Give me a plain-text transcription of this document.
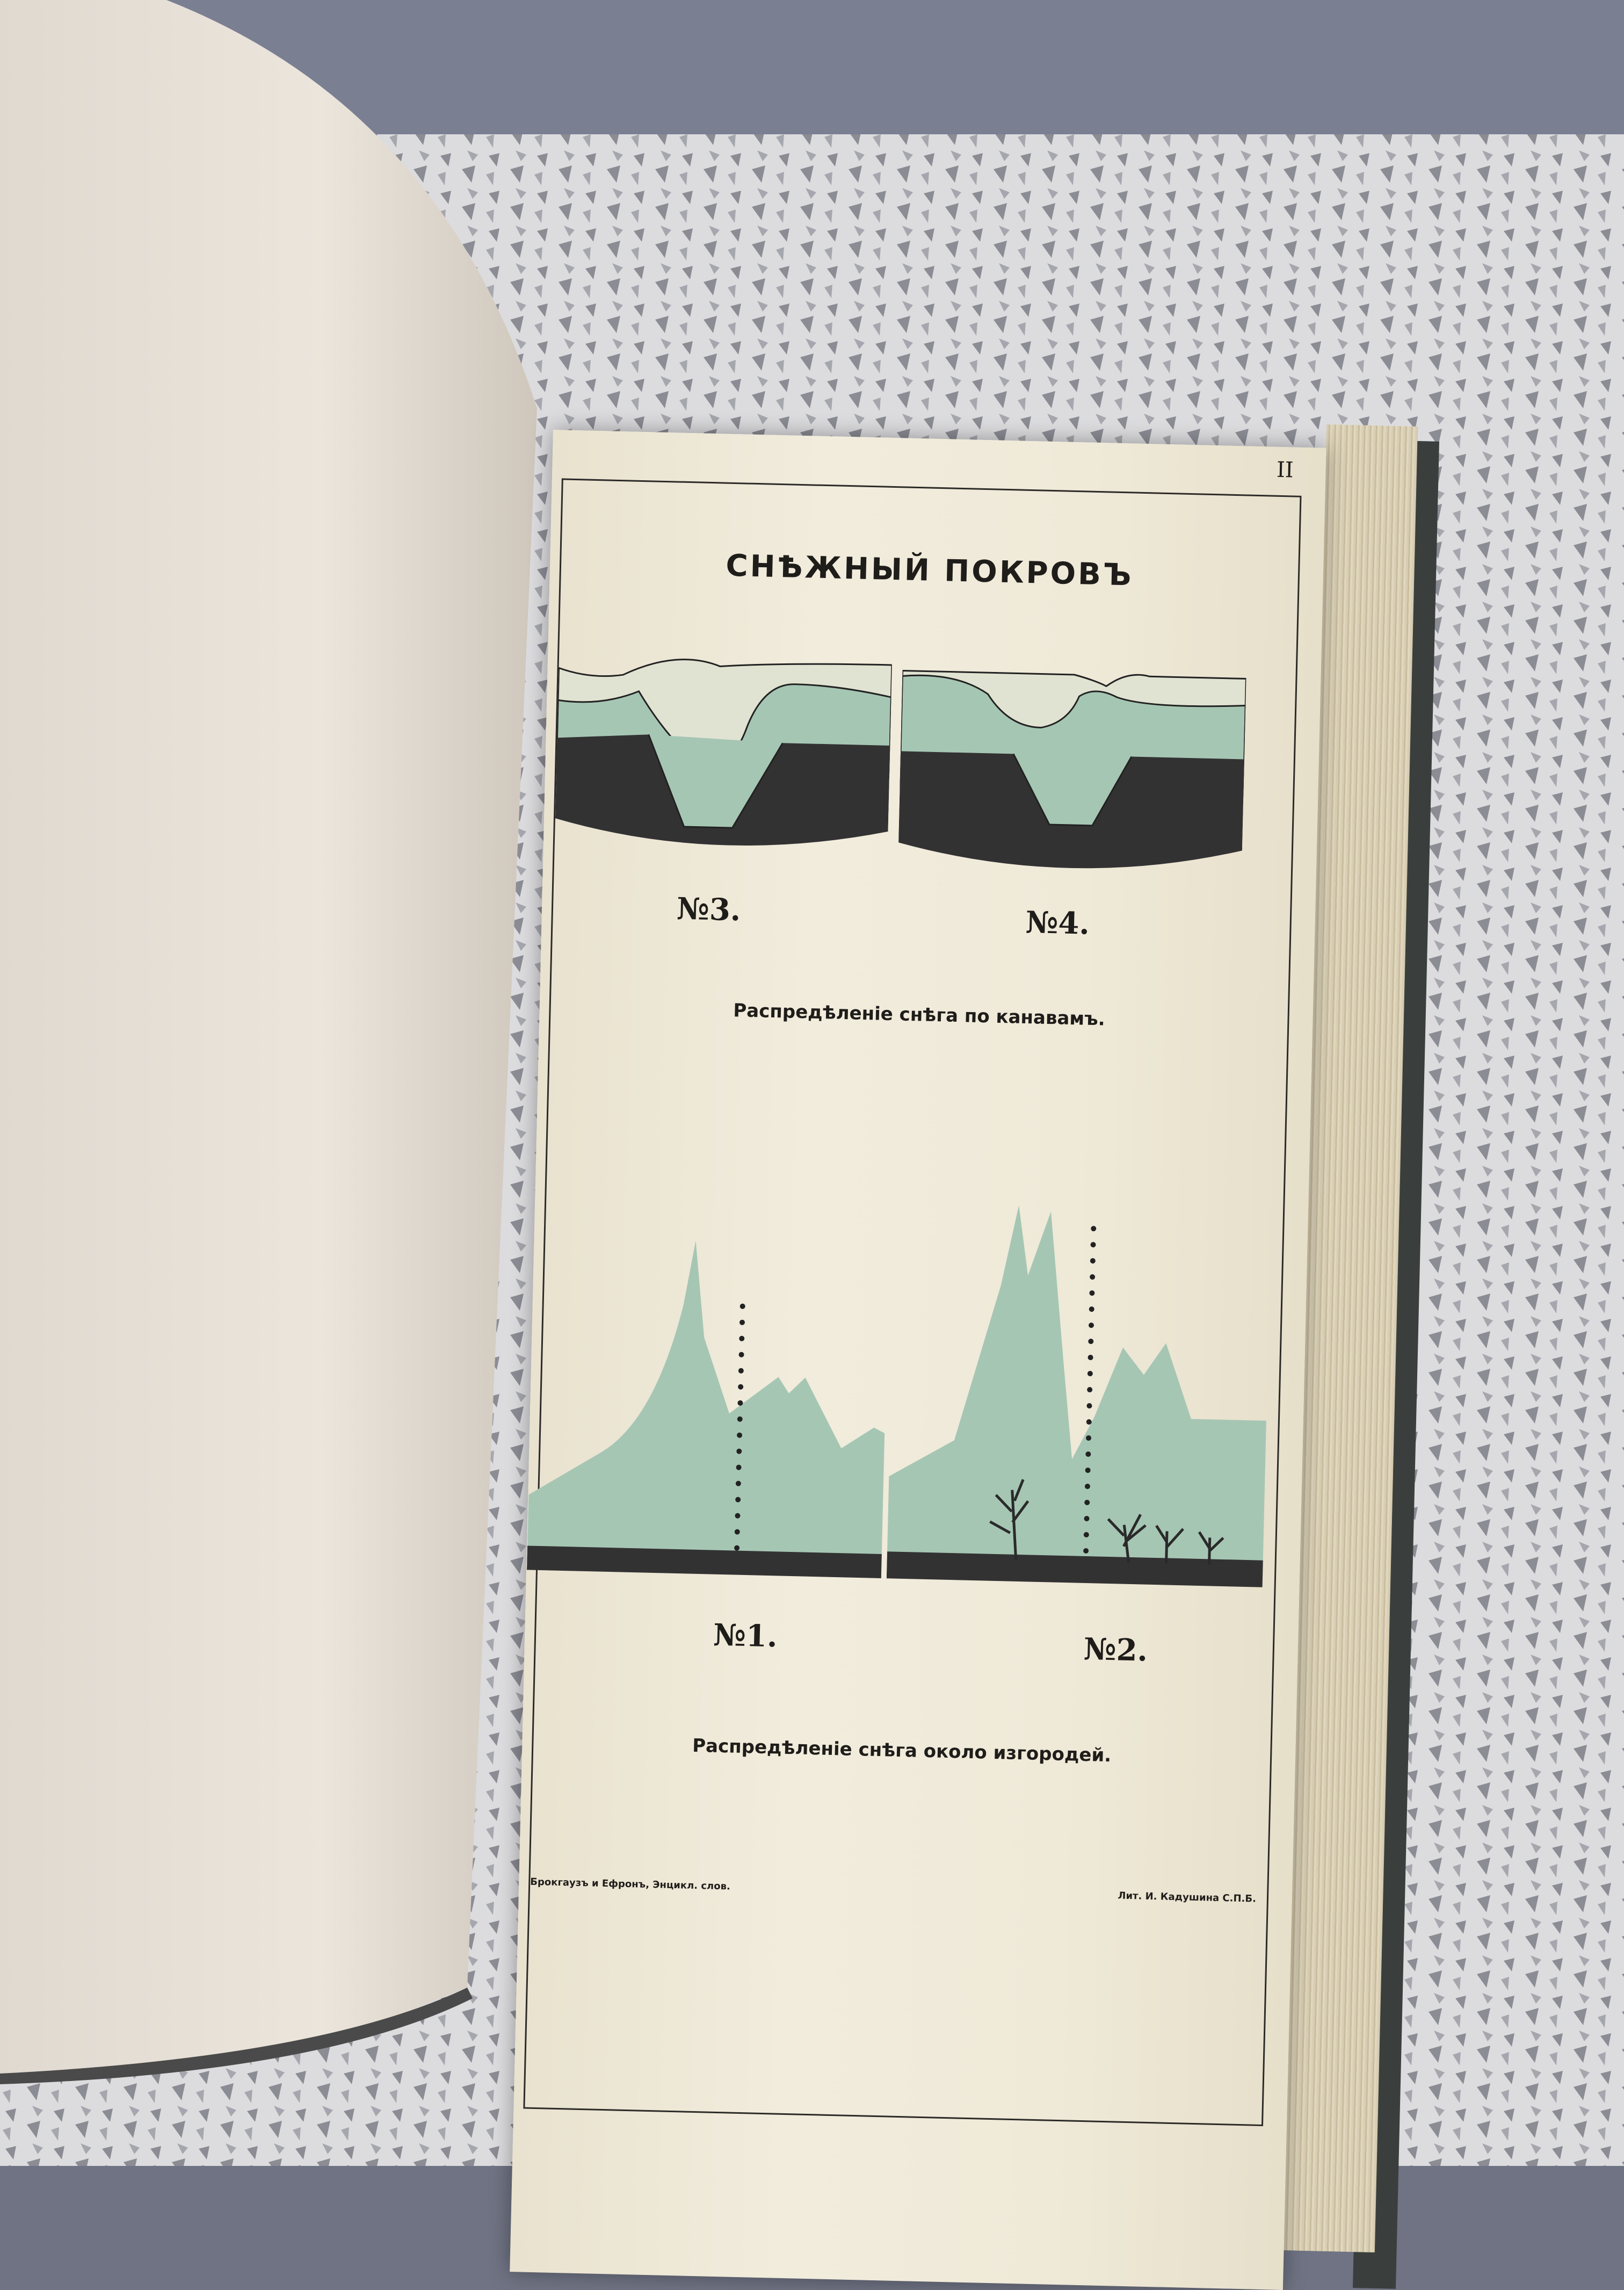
II
СНѢЖНЫЙ ПОКРОВЪ
№3.	№4.
Распредѣленіе снѣга по канавамъ.
№1.	№2.
Распредѣленіе снѣга около изгородей.
Брокгаузъ и Ефронъ, Энцикл. слов.
Лит. И. Кадушина С.П.Б.
